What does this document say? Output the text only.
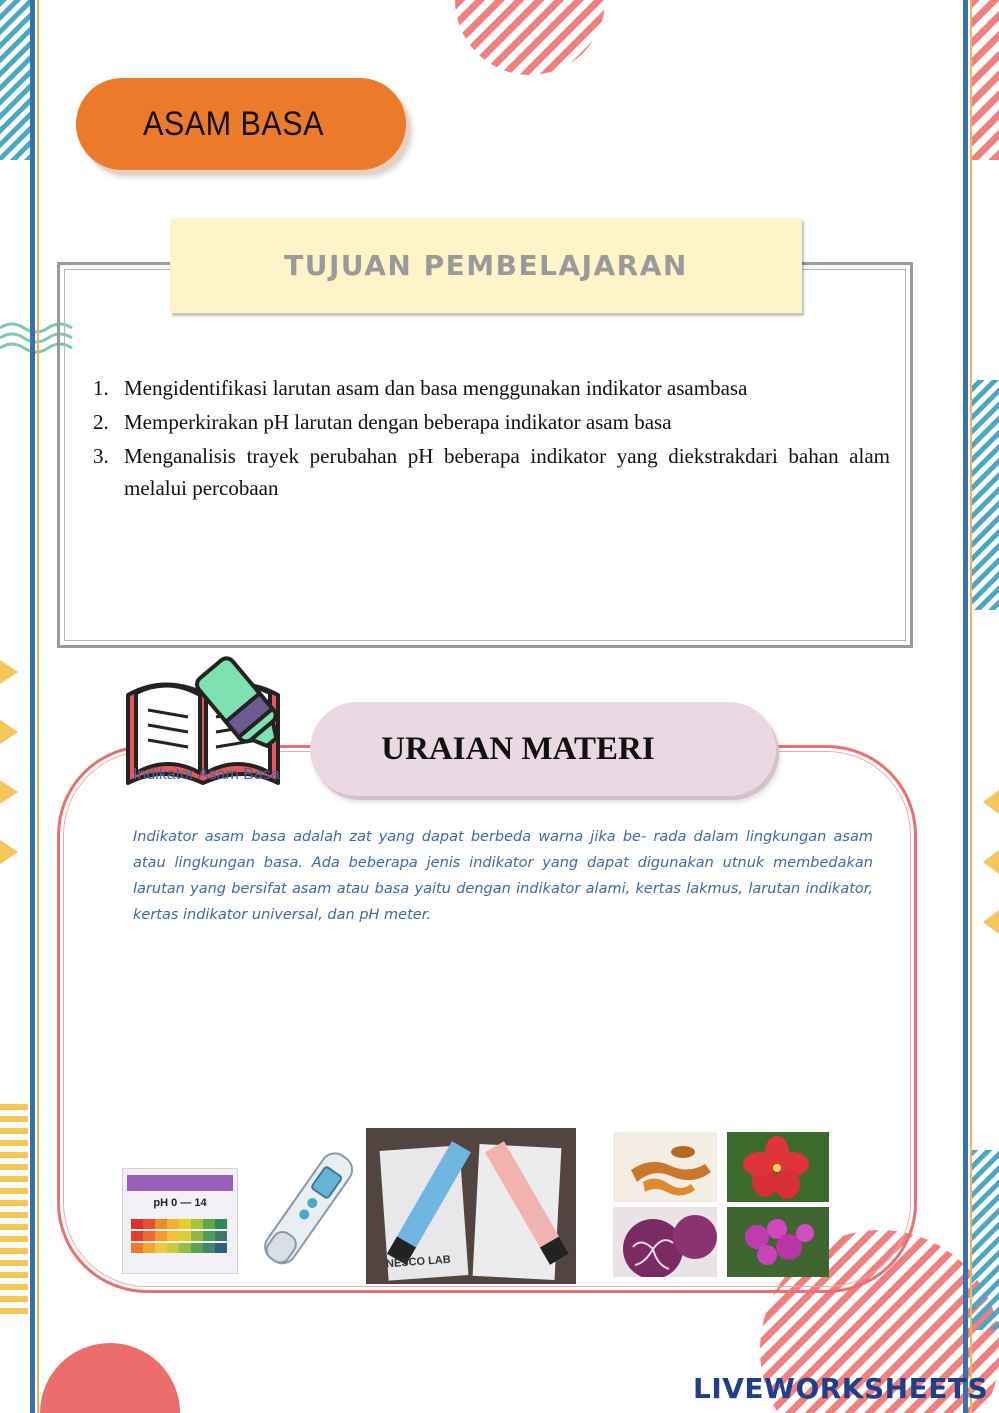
ASAM BASA
TUJUAN PEMBELAJARAN
1. Mengidentifikasi larutan asam dan basa menggunakan indikator asambasa
2. Memperkirakan pH larutan dengan beberapa indikator asam basa
3. Menganalisis trayek perubahan pH beberapa indikator yang diekstrakdari bahan alam melalui percobaan
URAIAN MATERI
Indikator Asam Basa

Indikator asam basa adalah zat yang dapat berbeda warna jika be- rada dalam lingkungan asam atau lingkungan basa. Ada beberapa jenis indikator yang dapat digunakan utnuk membedakan larutan yang bersifat asam atau basa yaitu dengan indikator alami, kertas lakmus, larutan indikator, kertas indikator universal, dan pH meter.

pH 0 — 14
NESCO LAB
LIVEWORKSHEETS
